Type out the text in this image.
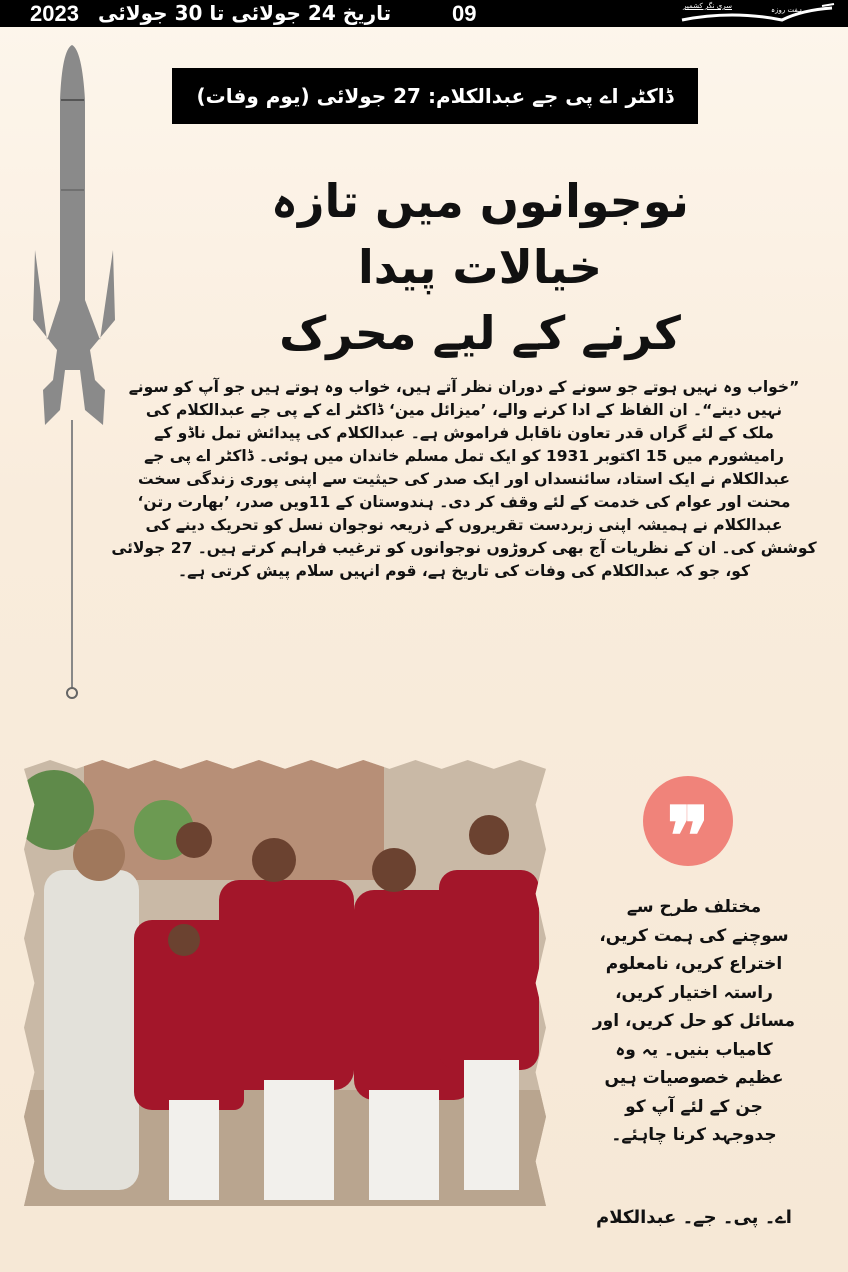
2023 تاریخ 24 جولائی تا 30 جولائی	09	سری نگر کشمیر	ہفت روزہ
ڈاکٹر اے پی جے عبدالکلام: 27 جولائی (یوم وفات)
نوجوانوں میں تازہ خیالات پیدا
کرنے کے لیے محرک
”خواب وہ نہیں ہوتے جو سونے کے دوران نظر آتے ہیں، خواب وہ ہوتے ہیں جو آپ کو سونے
نہیں دیتے“۔ ان الفاظ کے ادا کرنے والے، ’میزائل مین‘ ڈاکٹر اے کے پی جے عبدالکلام کی
ملک کے لئے گراں قدر تعاون ناقابل فراموش ہے۔ عبدالکلام کی پیدائش تمل ناڈو کے
رامیشورم میں 15 اکتوبر 1931 کو ایک تمل مسلم خاندان میں ہوئی۔ ڈاکٹر اے پی جے
عبدالکلام نے ایک استاد، سائنسداں اور ایک صدر کی حیثیت سے اپنی پوری زندگی سخت
محنت اور عوام کی خدمت کے لئے وقف کر دی۔ ہندوستان کے 11ویں صدر، ’بھارت رتن‘
عبدالکلام نے ہمیشہ اپنی زبردست تقریروں کے ذریعہ نوجوان نسل کو تحریک دینے کی
کوشش کی۔ ان کے نظریات آج بھی کروڑوں نوجوانوں کو ترغیب فراہم کرتے ہیں۔ 27 جولائی
کو، جو کہ عبدالکلام کی وفات کی تاریخ ہے، قوم انہیں سلام پیش کرتی ہے۔
❞
مختلف طرح سے
سوچنے کی ہمت کریں،
اختراع کریں، نامعلوم
راستہ اختیار کریں،
مسائل کو حل کریں، اور
کامیاب بنیں۔ یہ وہ
عظیم خصوصیات ہیں
جن کے لئے آپ کو
جدوجہد کرنا چاہئے۔
اے۔ پی۔ جے۔ عبدالکلام
